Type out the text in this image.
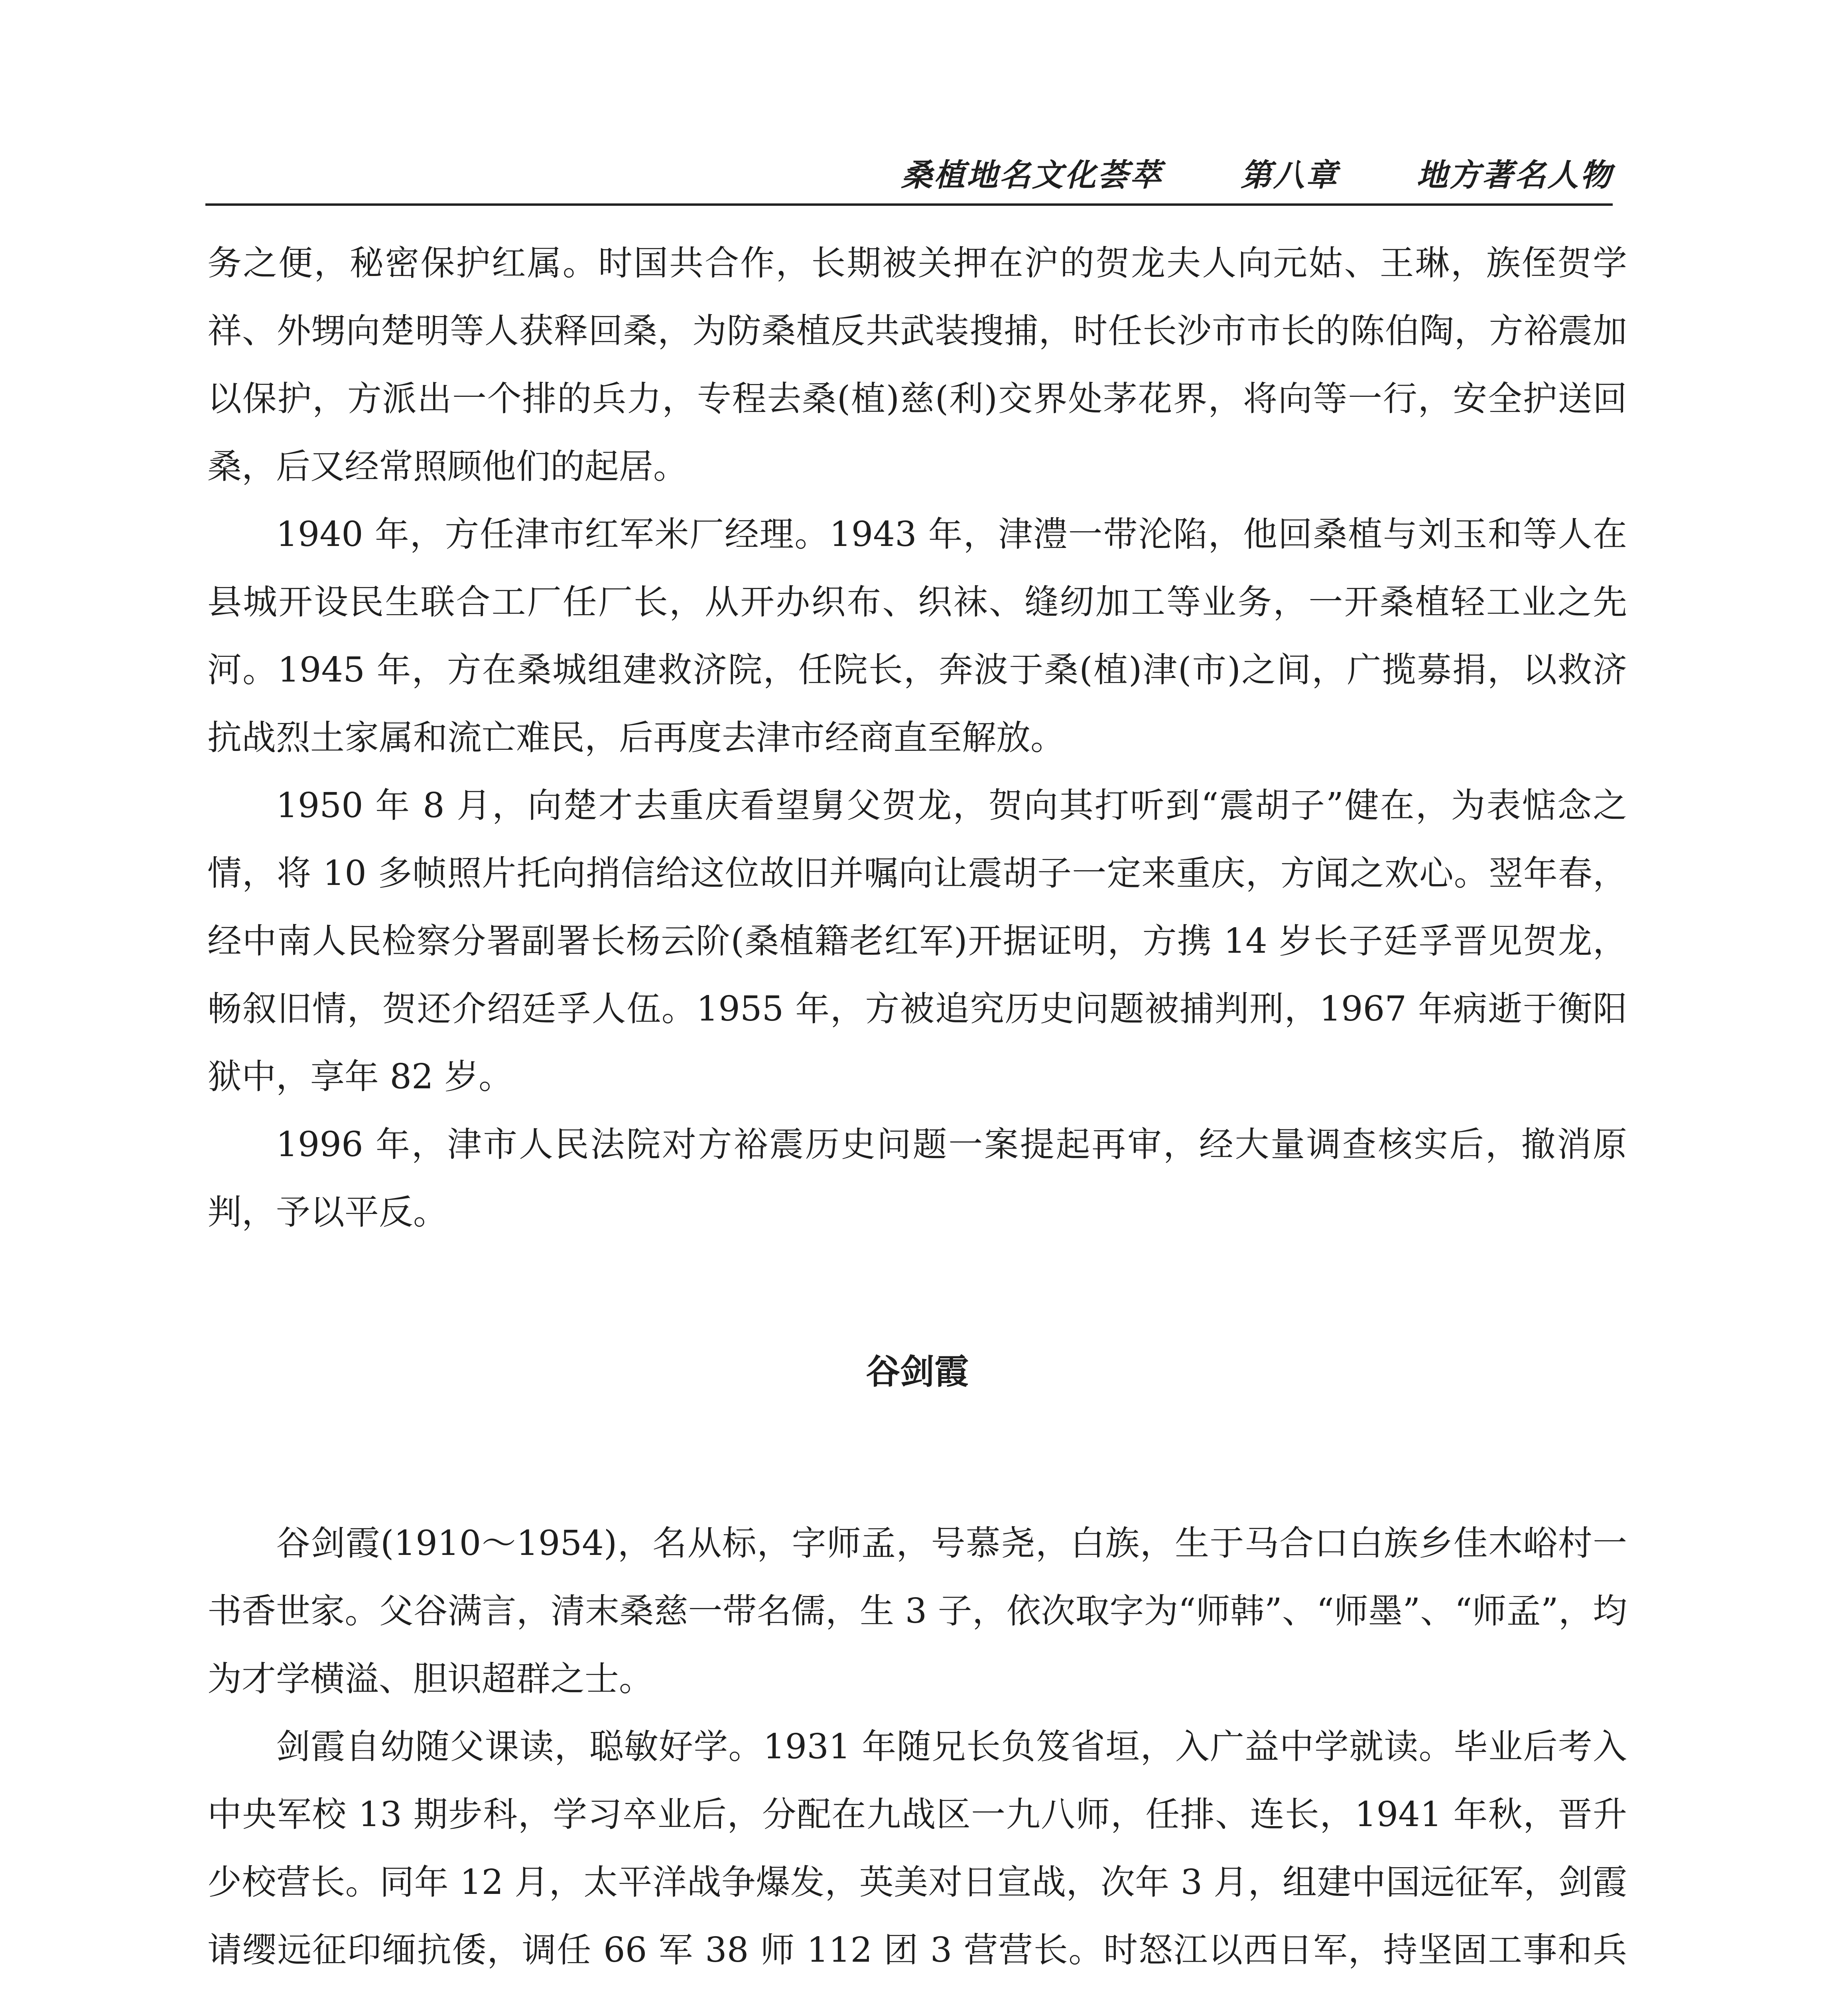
桑植地名文化荟萃	第八章	地方著名人物

务之便，秘密保护红属。时国共合作，长期被关押在沪的贺龙夫人向元姑、王琳，族侄贺学祥、外甥向楚明等人获释回桑，为防桑植反共武装搜捕，时任长沙市市长的陈伯陶，方裕震加以保护，方派出一个排的兵力，专程去桑(植)慈(利)交界处茅花界，将向等一行，安全护送回桑，后又经常照顾他们的起居。

1940 年，方任津市红军米厂经理。1943 年，津澧一带沦陷，他回桑植与刘玉和等人在县城开设民生联合工厂任厂长，从开办织布、织袜、缝纫加工等业务，一开桑植轻工业之先河。1945 年，方在桑城组建救济院，任院长，奔波于桑(植)津(市)之间，广揽募捐，以救济抗战烈土家属和流亡难民，后再度去津市经商直至解放。

1950 年 8 月，向楚才去重庆看望舅父贺龙，贺向其打听到“震胡子”健在，为表惦念之情，将 10 多帧照片托向捎信给这位故旧并嘱向让震胡子一定来重庆，方闻之欢心。翌年春，经中南人民检察分署副署长杨云阶(桑植籍老红军)开据证明，方携 14 岁长子廷孚晋见贺龙，畅叙旧情，贺还介绍廷孚人伍。1955 年，方被追究历史问题被捕判刑，1967 年病逝于衡阳狱中，享年 82 岁。

1996 年，津市人民法院对方裕震历史问题一案提起再审，经大量调查核实后，撤消原判，予以平反。

谷剑霞

谷剑霞(1910～1954)，名从标，字师孟，号慕尧，白族，生于马合口白族乡佳木峪村一书香世家。父谷满言，清末桑慈一带名儒，生 3 子，依次取字为“师韩”、“师墨”、“师孟”，均为才学横溢、胆识超群之士。

剑霞自幼随父课读，聪敏好学。1931 年随兄长负笈省垣，入广益中学就读。毕业后考入中央军校 13 期步科，学习卒业后，分配在九战区一九八师，任排、连长，1941 年秋，晋升少校营长。同年 12 月，太平洋战争爆发，英美对日宣战，次年 3 月，组建中国远征军，剑霞请缨远征印缅抗倭，调任 66 军 38 师 112 团 3 营营长。时怒江以西日军，持坚固工事和兵
